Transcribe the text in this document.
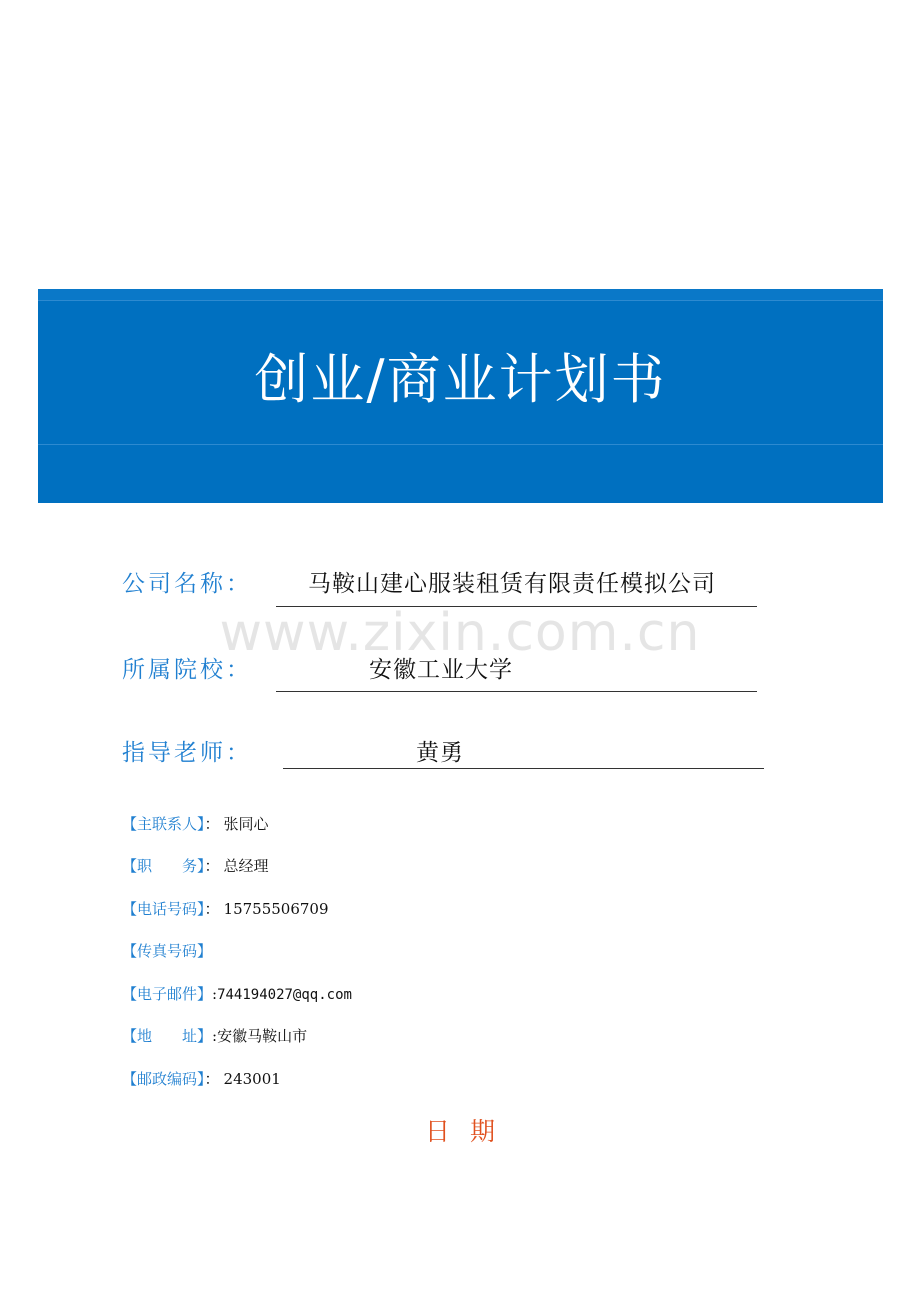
创业/商业计划书
公司名称： 马鞍山建心服装租赁有限责任模拟公司
www.zixin.com.cn
所属院校：	安徽工业大学
指导老师：	黄勇
【主联系人】： 张同心
【职　　务】： 总经理
【电话号码】： 15755506709
【传真号码】
【电子邮件】:744194027@qq.com
【地　　址】:安徽马鞍山市
【邮政编码】： 243001
日期
